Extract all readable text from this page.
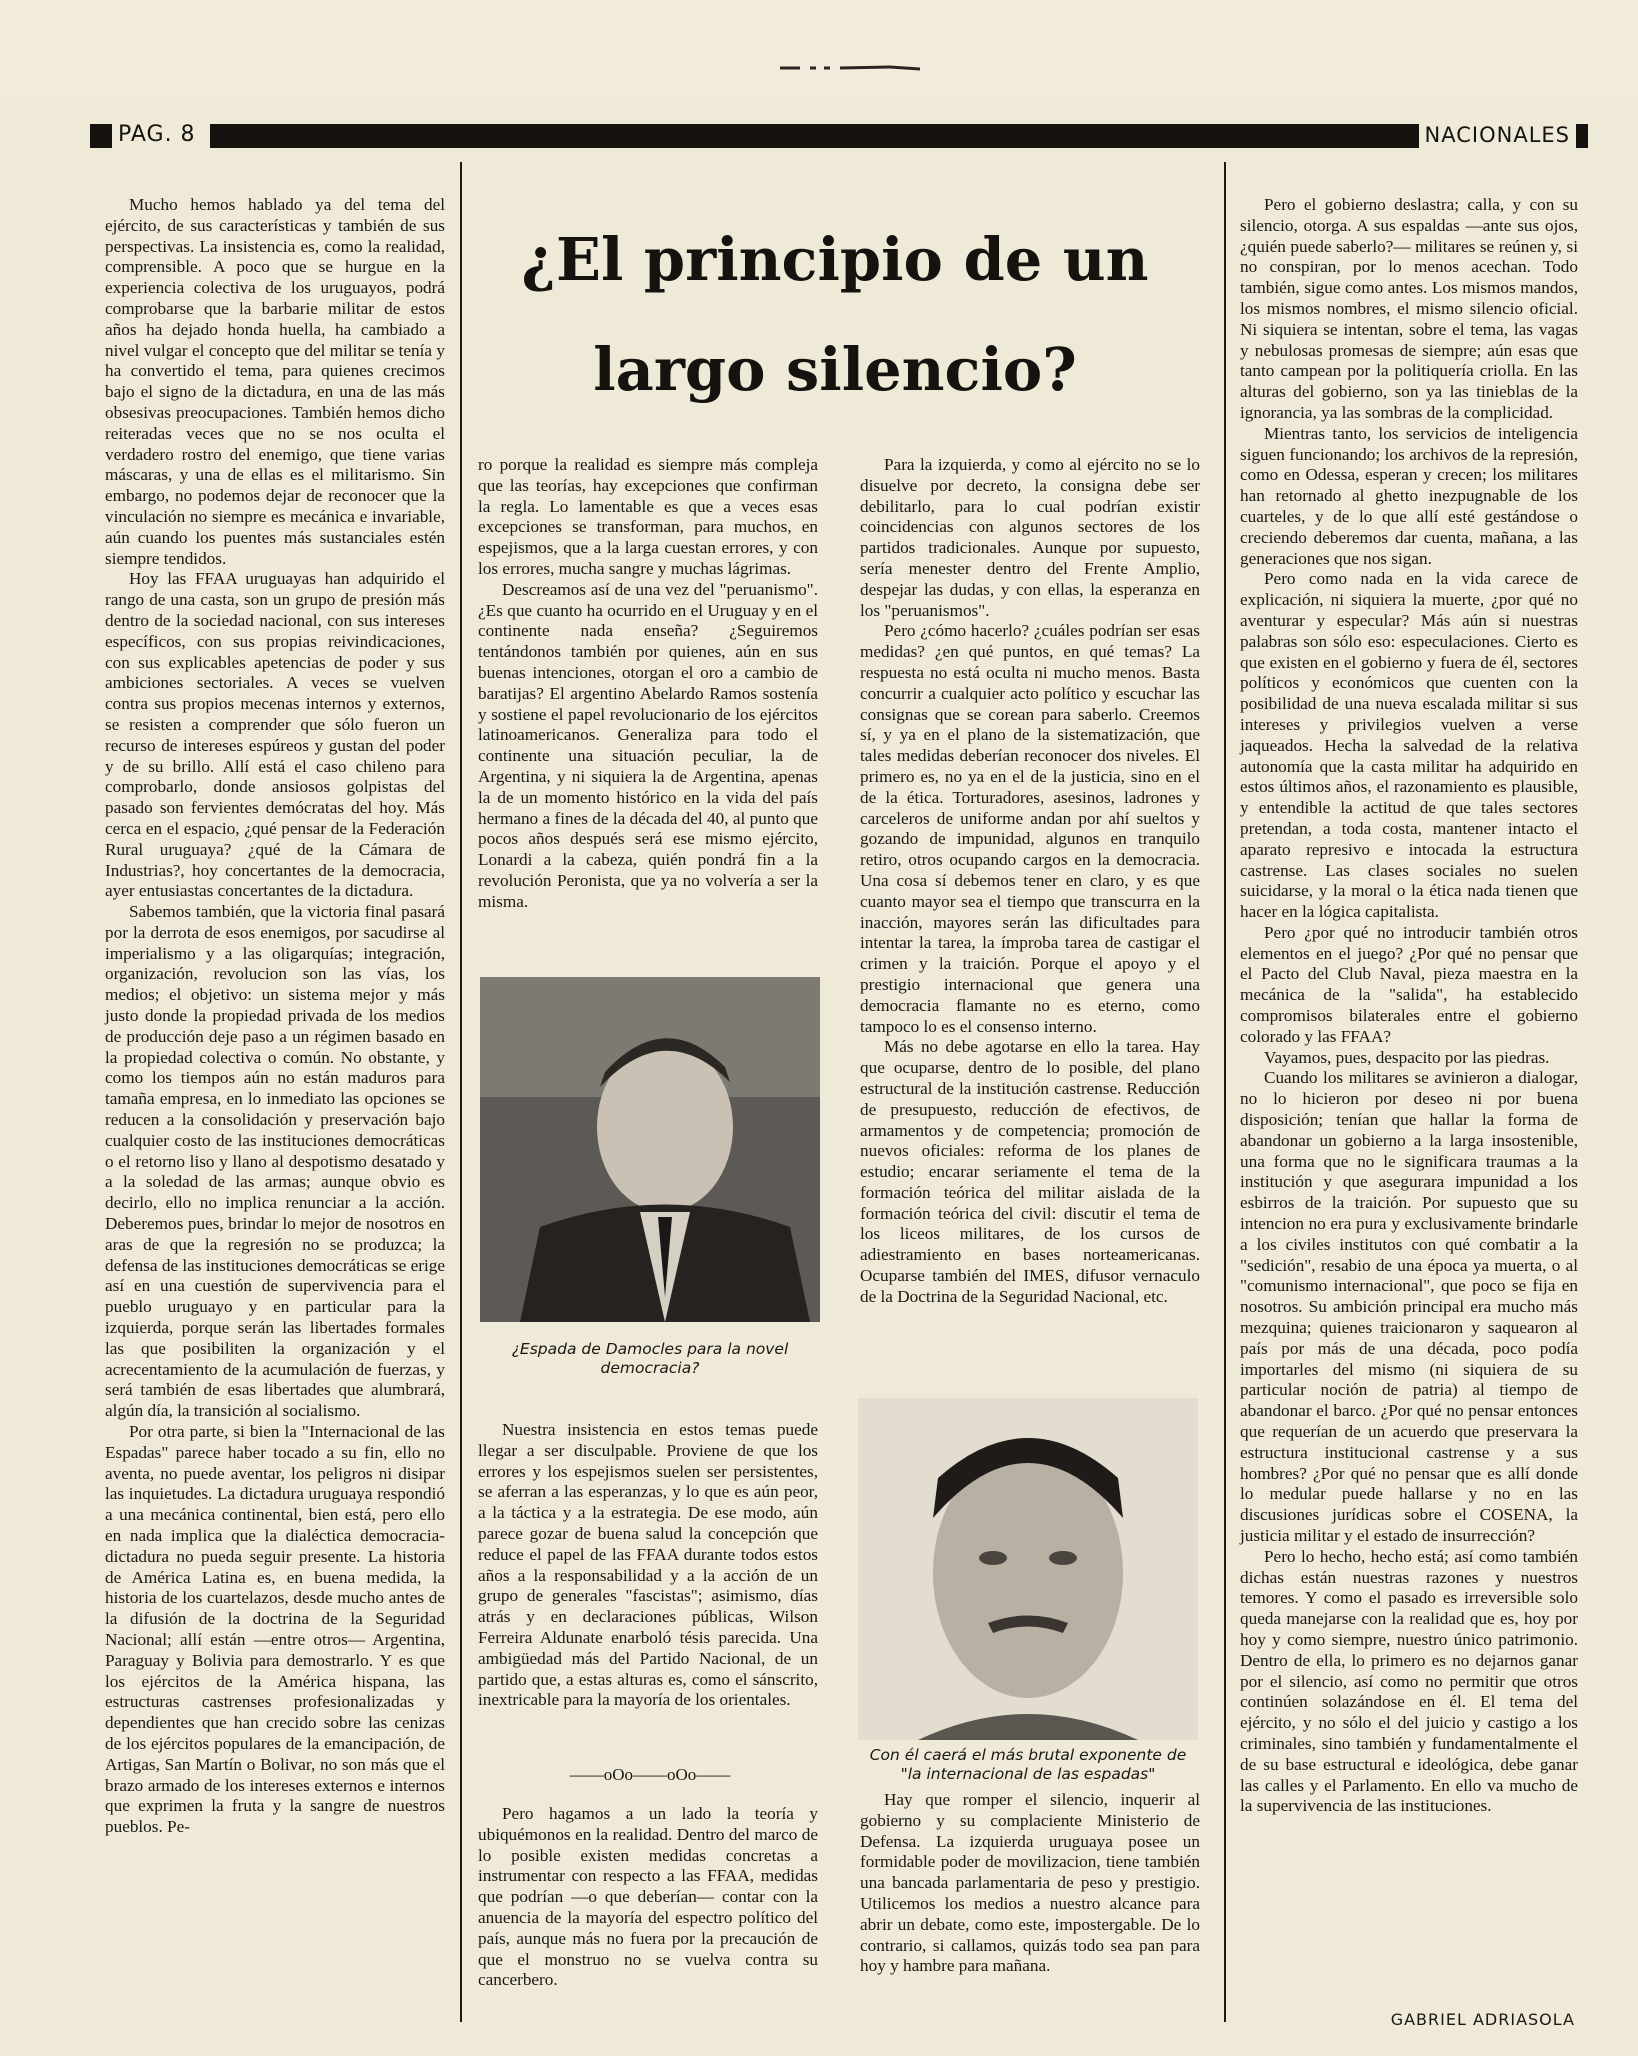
PAG. 8	NACIONALES
¿El principio de un largo silencio?

Mucho hemos hablado ya del tema del ejército, de sus características y también de sus perspectivas. La insistencia es, como la realidad, comprensible. A poco que se hurgue en la experiencia colectiva de los uruguayos, podrá comprobarse que la barbarie militar de estos años ha dejado honda huella, ha cambiado a nivel vulgar el concepto que del militar se tenía y ha convertido el tema, para quienes crecimos bajo el signo de la dictadura, en una de las más obsesivas preocupaciones. También hemos dicho reiteradas veces que no se nos oculta el verdadero rostro del enemigo, que tiene varias máscaras, y una de ellas es el militarismo. Sin embargo, no podemos dejar de reconocer que la vinculación no siempre es mecánica e invariable, aún cuando los puentes más sustanciales estén siempre tendidos.

Hoy las FFAA uruguayas han adquirido el rango de una casta, son un grupo de presión más dentro de la sociedad nacional, con sus intereses específicos, con sus propias reivindicaciones, con sus explicables apetencias de poder y sus ambiciones sectoriales. A veces se vuelven contra sus propios mecenas internos y externos, se resisten a comprender que sólo fueron un recurso de intereses espúreos y gustan del poder y de su brillo. Allí está el caso chileno para comprobarlo, donde ansiosos golpistas del pasado son fervientes demócratas del hoy. Más cerca en el espacio, ¿qué pensar de la Federación Rural uruguaya? ¿qué de la Cámara de Industrias?, hoy concertantes de la democracia, ayer entusiastas concertantes de la dictadura.

Sabemos también, que la victoria final pasará por la derrota de esos enemigos, por sacudirse al imperialismo y a las oligarquías; integración, organización, revolucion son las vías, los medios; el objetivo: un sistema mejor y más justo donde la propiedad privada de los medios de producción deje paso a un régimen basado en la propiedad colectiva o común. No obstante, y como los tiempos aún no están maduros para tamaña empresa, en lo inmediato las opciones se reducen a la consolidación y preservación bajo cualquier costo de las instituciones democráticas o el retorno liso y llano al despotismo desatado y a la soledad de las armas; aunque obvio es decirlo, ello no implica renunciar a la acción. Deberemos pues, brindar lo mejor de nosotros en aras de que la regresión no se produzca; la defensa de las instituciones democráticas se erige así en una cuestión de supervivencia para el pueblo uruguayo y en particular para la izquierda, porque serán las libertades formales las que posibiliten la organización y el acrecentamiento de la acumulación de fuerzas, y será también de esas libertades que alumbrará, algún día, la transición al socialismo.

Por otra parte, si bien la "Internacional de las Espadas" parece haber tocado a su fin, ello no aventa, no puede aventar, los peligros ni disipar las inquietudes. La dictadura uruguaya respondió a una mecánica continental, bien está, pero ello en nada implica que la dialéctica democracia-dictadura no pueda seguir presente. La historia de América Latina es, en buena medida, la historia de los cuartelazos, desde mucho antes de la difusión de la doctrina de la Seguridad Nacional; allí están —entre otros— Argentina, Paraguay y Bolivia para demostrarlo. Y es que los ejércitos de la América hispana, las estructuras castrenses profesionalizadas y dependientes que han crecido sobre las cenizas de los ejércitos populares de la emancipación, de Artigas, San Martín o Bolivar, no son más que el brazo armado de los intereses externos e internos que exprimen la fruta y la sangre de nuestros pueblos. Pe-

ro porque la realidad es siempre más compleja que las teorías, hay excepciones que confirman la regla. Lo lamentable es que a veces esas excepciones se transforman, para muchos, en espejismos, que a la larga cuestan errores, y con los errores, mucha sangre y muchas lágrimas.

Descreamos así de una vez del "peruanismo". ¿Es que cuanto ha ocurrido en el Uruguay y en el continente nada enseña? ¿Seguiremos tentándonos también por quienes, aún en sus buenas intenciones, otorgan el oro a cambio de baratijas? El argentino Abelardo Ramos sostenía y sostiene el papel revolucionario de los ejércitos latinoamericanos. Generaliza para todo el continente una situación peculiar, la de Argentina, y ni siquiera la de Argentina, apenas la de un momento histórico en la vida del país hermano a fines de la década del 40, al punto que pocos años después será ese mismo ejército, Lonardi a la cabeza, quién pondrá fin a la revolución Peronista, que ya no volvería a ser la misma.

¿Espada de Damocles para la novel democracia?

Nuestra insistencia en estos temas puede llegar a ser disculpable. Proviene de que los errores y los espejismos suelen ser persistentes, se aferran a las esperanzas, y lo que es aún peor, a la táctica y a la estrategia. De ese modo, aún parece gozar de buena salud la concepción que reduce el papel de las FFAA durante todos estos años a la responsabilidad y a la acción de un grupo de generales "fascistas"; asimismo, días atrás y en declaraciones públicas, Wilson Ferreira Aldunate enarboló tésis parecida. Una ambigüedad más del Partido Nacional, de un partido que, a estas alturas es, como el sánscrito, inextricable para la mayoría de los orientales.

——oOo——oOo——

Pero hagamos a un lado la teoría y ubiquémonos en la realidad. Dentro del marco de lo posible existen medidas concretas a instrumentar con respecto a las FFAA, medidas que podrían —o que deberían— contar con la anuencia de la mayoría del espectro político del país, aunque más no fuera por la precaución de que el monstruo no se vuelva contra su cancerbero.

Para la izquierda, y como al ejército no se lo disuelve por decreto, la consigna debe ser debilitarlo, para lo cual podrían existir coincidencias con algunos sectores de los partidos tradicionales. Aunque por supuesto, sería menester dentro del Frente Amplio, despejar las dudas, y con ellas, la esperanza en los "peruanismos".

Pero ¿cómo hacerlo? ¿cuáles podrían ser esas medidas? ¿en qué puntos, en qué temas? La respuesta no está oculta ni mucho menos. Basta concurrir a cualquier acto político y escuchar las consignas que se corean para saberlo. Creemos sí, y ya en el plano de la sistematización, que tales medidas deberían reconocer dos niveles. El primero es, no ya en el de la justicia, sino en el de la ética. Torturadores, asesinos, ladrones y carceleros de uniforme andan por ahí sueltos y gozando de impunidad, algunos en tranquilo retiro, otros ocupando cargos en la democracia. Una cosa sí debemos tener en claro, y es que cuanto mayor sea el tiempo que transcurra en la inacción, mayores serán las dificultades para intentar la tarea, la ímproba tarea de castigar el crimen y la traición. Porque el apoyo y el prestigio internacional que genera una democracia flamante no es eterno, como tampoco lo es el consenso interno.

Más no debe agotarse en ello la tarea. Hay que ocuparse, dentro de lo posible, del plano estructural de la institución castrense. Reducción de presupuesto, reducción de efectivos, de armamentos y de competencia; promoción de nuevos oficiales: reforma de los planes de estudio; encarar seriamente el tema de la formación teórica del militar aislada de la formación teórica del civil: discutir el tema de los liceos militares, de los cursos de adiestramiento en bases norteamericanas. Ocuparse también del IMES, difusor vernaculo de la Doctrina de la Seguridad Nacional, etc.

Con él caerá el más brutal exponente de "la internacional de las espadas"

Hay que romper el silencio, inquerir al gobierno y su complaciente Ministerio de Defensa. La izquierda uruguaya posee un formidable poder de movilizacion, tiene también una bancada parlamentaria de peso y prestigio. Utilicemos los medios a nuestro alcance para abrir un debate, como este, impostergable. De lo contrario, si callamos, quizás todo sea pan para hoy y hambre para mañana.

Pero el gobierno deslastra; calla, y con su silencio, otorga. A sus espaldas —ante sus ojos, ¿quién puede saberlo?— militares se reúnen y, si no conspiran, por lo menos acechan. Todo también, sigue como antes. Los mismos mandos, los mismos nombres, el mismo silencio oficial. Ni siquiera se intentan, sobre el tema, las vagas y nebulosas promesas de siempre; aún esas que tanto campean por la politiquería criolla. En las alturas del gobierno, son ya las tinieblas de la ignorancia, ya las sombras de la complicidad.

Mientras tanto, los servicios de inteligencia siguen funcionando; los archivos de la represión, como en Odessa, esperan y crecen; los militares han retornado al ghetto inezpugnable de los cuarteles, y de lo que allí esté gestándose o creciendo deberemos dar cuenta, mañana, a las generaciones que nos sigan.

Pero como nada en la vida carece de explicación, ni siquiera la muerte, ¿por qué no aventurar y especular? Más aún si nuestras palabras son sólo eso: especulaciones. Cierto es que existen en el gobierno y fuera de él, sectores políticos y económicos que cuenten con la posibilidad de una nueva escalada militar si sus intereses y privilegios vuelven a verse jaqueados. Hecha la salvedad de la relativa autonomía que la casta militar ha adquirido en estos últimos años, el razonamiento es plausible, y entendible la actitud de que tales sectores pretendan, a toda costa, mantener intacto el aparato represivo e intocada la estructura castrense. Las clases sociales no suelen suicidarse, y la moral o la ética nada tienen que hacer en la lógica capitalista.

Pero ¿por qué no introducir también otros elementos en el juego? ¿Por qué no pensar que el Pacto del Club Naval, pieza maestra en la mecánica de la "salida", ha establecido compromisos bilaterales entre el gobierno colorado y las FFAA?

Vayamos, pues, despacito por las piedras.

Cuando los militares se avinieron a dialogar, no lo hicieron por deseo ni por buena disposición; tenían que hallar la forma de abandonar un gobierno a la larga insostenible, una forma que no le significara traumas a la institución y que asegurara impunidad a los esbirros de la traición. Por supuesto que su intencion no era pura y exclusivamente brindarle a los civiles institutos con qué combatir a la "sedición", resabio de una época ya muerta, o al "comunismo internacional", que poco se fija en nosotros. Su ambición principal era mucho más mezquina; quienes traicionaron y saquearon al país por más de una década, poco podía importarles del mismo (ni siquiera de su particular noción de patria) al tiempo de abandonar el barco. ¿Por qué no pensar entonces que requerían de un acuerdo que preservara la estructura institucional castrense y a sus hombres? ¿Por qué no pensar que es allí donde lo medular puede hallarse y no en las discusiones jurídicas sobre el COSENA, la justicia militar y el estado de insurrección?

Pero lo hecho, hecho está; así como también dichas están nuestras razones y nuestros temores. Y como el pasado es irreversible solo queda manejarse con la realidad que es, hoy por hoy y como siempre, nuestro único patrimonio. Dentro de ella, lo primero es no dejarnos ganar por el silencio, así como no permitir que otros continúen solazándose en él. El tema del ejército, y no sólo el del juicio y castigo a los criminales, sino también y fundamentalmente el de su base estructural e ideológica, debe ganar las calles y el Parlamento. En ello va mucho de la supervivencia de las instituciones.

GABRIEL ADRIASOLA
